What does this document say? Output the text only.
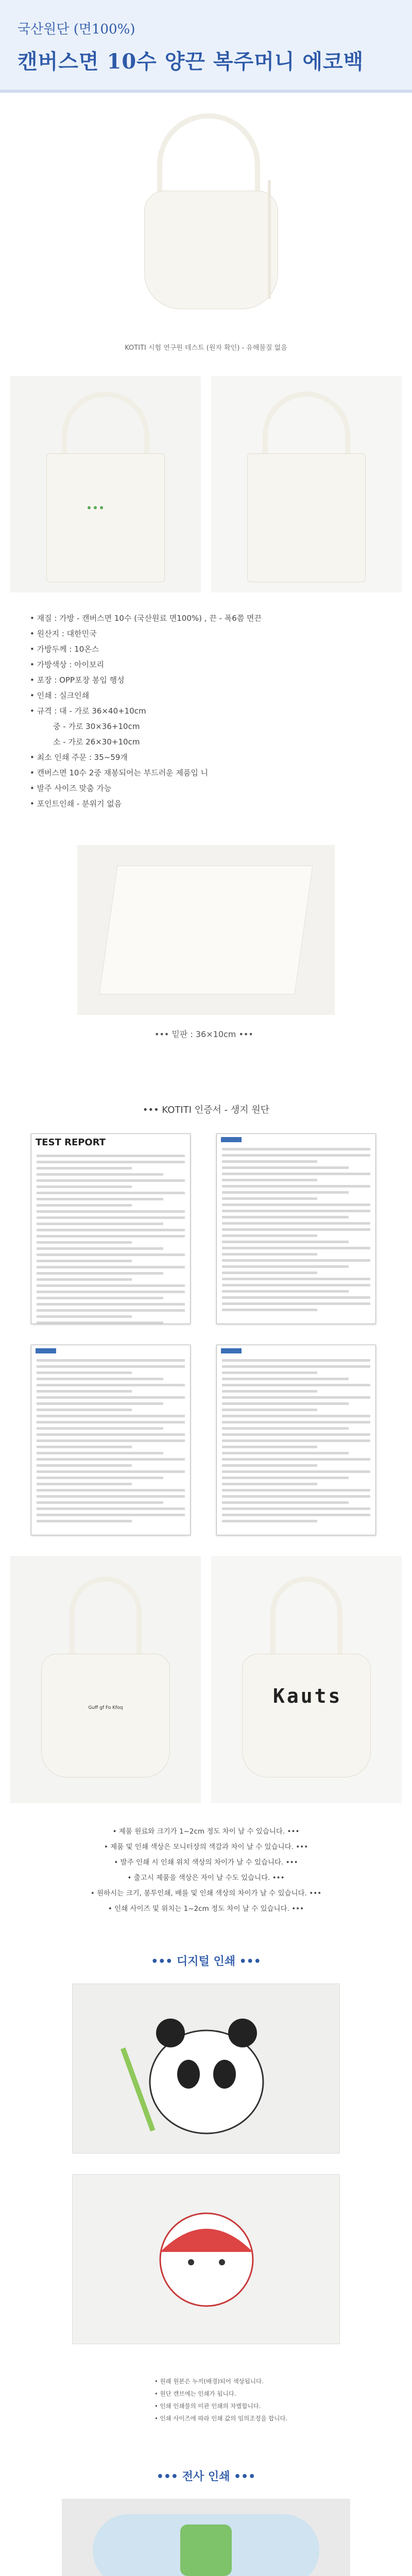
국산원단 (면100%)
캔버스면 10수 양끈 복주머니 에코백
KOTITI 시험 연구원 테스트 (원자 확인) - 유해물질 없음
● ● ●
• 재질 : 가방 - 캔버스면 10수 (국산원료 면100%) , 끈 - 폭6쯤 면끈
• 원산지 : 대한민국
• 가방두께 : 10온스
• 가방색상 : 아이보리
• 포장 : OPP포장 봉입 행성
• 인쇄 : 실크인쇄
• 규격 : 대 - 가로 36×40+10cm
　　　중 - 가로 30×36+10cm
　　　소 - 가로 26×30+10cm
• 최소 인쇄 주문 : 35~59개
• 캔버스면 10수 2중 재봉되어는 부드러운 제품입 니
• 발주 사이즈 맞춤 가능
• 포인트인쇄 - 분위기 없음
••• 밑판 : 36×10cm •••
••• KOTITI 인증서 - 생지 원단
TEST REPORT
Guff gf Fo Kfoq
Kauts
• 제품 원료와 크기가 1~2cm 정도 차이 날 수 있습니다. •••
• 제품 및 인쇄 색상은 모니터상의 색감과 차이 날 수 있습니다. •••
• 발주 인쇄 시 인쇄 위치 색상의 차이가 날 수 있습니다. •••
• 출고시 제품을 색상은 자이 날 수도 있습니다. •••
• 원하시는 크기, 봉투인쇄, 배를 및 인쇄 색상의 차이가 날 수 있습니다. •••
• 인쇄 사이즈 및 위치는 1~2cm 정도 차이 날 수 있습니다. •••
••• 디지털 인쇄 •••
• 원래 원본은 누끼(배경)되어 색상됩니다.
• 원단 캔브에는 인쇄가 됩니다.
• 인쇄 인쇄물의 미관 인쇄의 차별합니다.
• 인쇄 사이즈에 따라 인쇄 값의 임의조정을 합니다.
••• 전사 인쇄 •••
